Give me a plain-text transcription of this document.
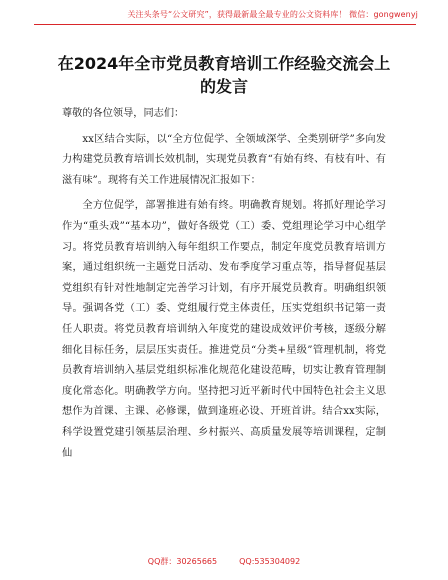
关注头条号“公文研究”，获得最新最全最专业的公文资料库！ 微信：gongwenyj
在2024年全市党员教育培训工作经验交流会上
的发言

尊敬的各位领导，同志们：

xx区结合实际，以“全方位促学、全领域深学、全类别研学”多向发力构建党员教育培训长效机制，实现党员教育“有始有终、有枝有叶、有滋有味”。现将有关工作进展情况汇报如下：

全方位促学，部署推进有始有终。明确教育规划。将抓好理论学习作为“重头戏”“基本功”，做好各级党（工）委、党组理论学习中心组学习。将党员教育培训纳入每年组织工作要点，制定年度党员教育培训方案，通过组织统一主题党日活动、发布季度学习重点等，指导督促基层党组织有针对性地制定完善学习计划，有序开展党员教育。明确组织领导。强调各党（工）委、党组履行党主体责任，压实党组织书记第一责任人职责。将党员教育培训纳入年度党的建设成效评价考核，逐级分解细化目标任务，层层压实责任。推进党员“分类+星级”管理机制，将党员教育培训纳入基层党组织标准化规范化建设范畴，切实让教育管理制度化常态化。明确教学方向。坚持把习近平新时代中国特色社会主义思想作为首课、主课、必修课，做到逢班必设、开班首讲。结合xx实际，科学设置党建引领基层治理、乡村振兴、高质量发展等培训课程，定制仙

QQ群：30265665	QQ:535304092
